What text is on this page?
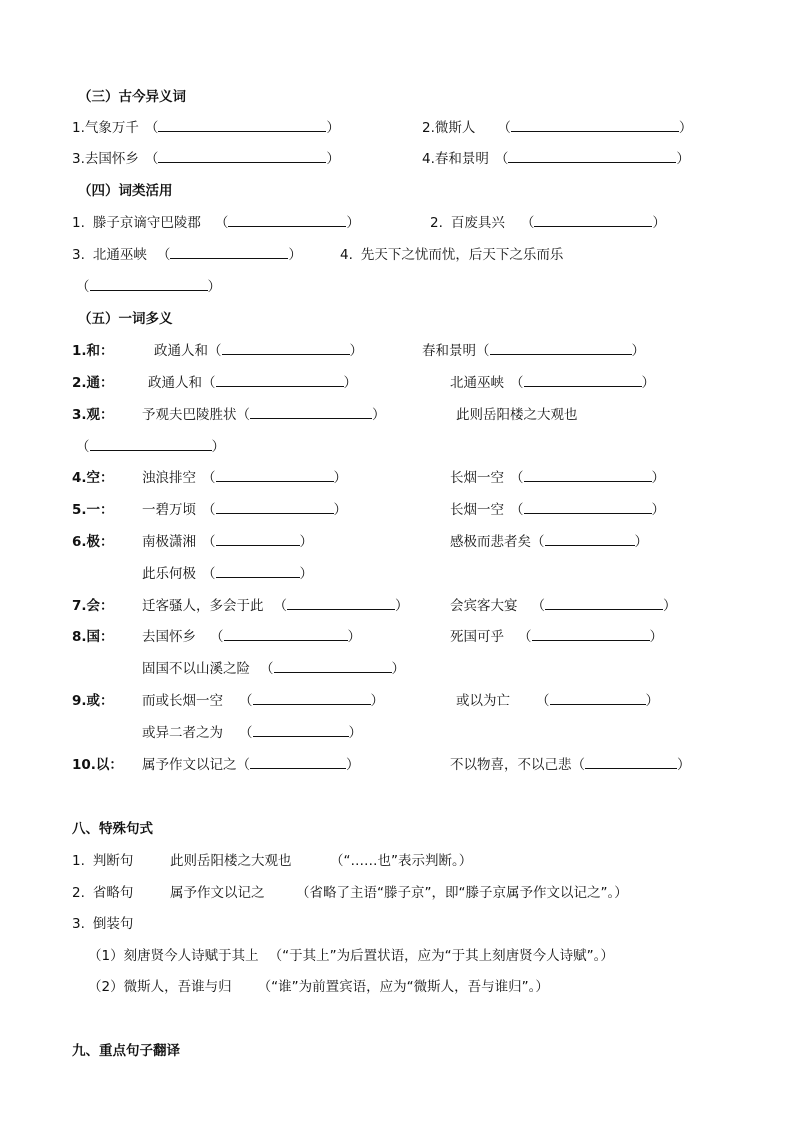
（三）古今异义词
1.气象万千 （	）	2.微斯人 （	）
3.去国怀乡 （	）	4.春和景明 （	）
（四）词类活用
1. 滕子京谪守巴陵郡 （	）	2. 百废具兴 （	）
3. 北通巫峡 （	）	4. 先天下之忧而忧，后天下之乐而乐
（	）
（五）一词多义
1.和：	政通人和（	）	春和景明（	）
2.通：	政通人和（	）	北通巫峡 （	）
3.观： 予观夫巴陵胜状（	）	此则岳阳楼之大观也
（	）
4.空： 浊浪排空 （	）	长烟一空 （	）
5.一： 一碧万顷 （	）	长烟一空 （	）
6.极： 南极潇湘 （	）	感极而悲者矣（	）
此乐何极 （	）
7.会： 迁客骚人，多会于此 （	）	会宾客大宴 （	）
8.国： 去国怀乡 （	）	死国可乎 （	）
固国不以山溪之险 （	）
9.或： 而或长烟一空 （	）	或以为亡 （	）
或异二者之为 （	）
10.以： 属予作文以记之（	）	不以物喜，不以己悲（	）
八、特殊句式
1. 判断句	此则岳阳楼之大观也	（“……也”表示判断。）
2. 省略句	属予作文以记之 （省略了主语“滕子京”，即“滕子京属予作文以记之”。）
3. 倒装句
（1）刻唐贤今人诗赋于其上 （“于其上”为后置状语，应为“于其上刻唐贤今人诗赋”。）
（2）微斯人，吾谁与归 （“谁”为前置宾语，应为“微斯人，吾与谁归”。）
九、重点句子翻译
